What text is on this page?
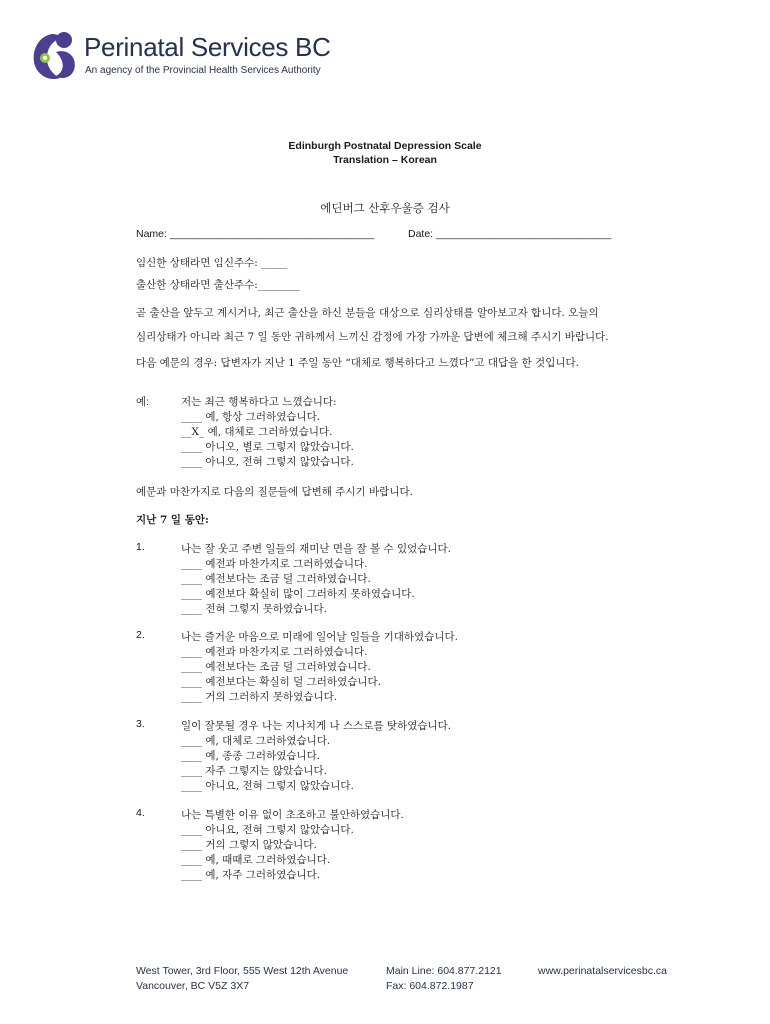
Perinatal Services BC
An agency of the Provincial Health Services Authority
Edinburgh Postnatal Depression Scale
Translation – Korean
에딘버그 산후우울증 검사
Name: ___________________________________	Date: ______________________________
임신한 상태라면 임신주수: _____
출산한 상태라면 출산주수:________
곧 출산을 앞두고 계시거나, 최근 출산을 하신 분들을 대상으로 심리상태를 알아보고자 합니다. 오늘의
심리상태가 아니라 최근 7 일 동안 귀하께서 느끼신 감정에 가장 가까운 답변에 체크해 주시기 바랍니다.
다음 예문의 경우: 답변자가 지난 1 주일 동안 “대체로 행복하다고 느꼈다”고 대답을 한 것입니다.
예:	저는 최근 행복하다고 느꼈습니다:
____ 예, 항상 그러하였습니다.
__X_ 예, 대체로 그러하였습니다.
____ 아니오, 별로 그렇지 않았습니다.
____ 아니오, 전혀 그렇지 않았습니다.
예문과 마찬가지로 다음의 질문들에 답변해 주시기 바랍니다.
지난 7 일 동안:
1.	나는 잘 웃고 주변 일들의 재미난 면을 잘 볼 수 있었습니다.
____ 예전과 마찬가지로 그러하였습니다.
____ 예전보다는 조금 덜 그러하였습니다.
____ 예전보다 확실히 많이 그러하지 못하였습니다.
____ 전혀 그렇지 못하였습니다.
2.	나는 즐거운 마음으로 미래에 일어날 일들을 기대하였습니다.
____ 예전과 마찬가지로 그러하였습니다.
____ 예전보다는 조금 덜 그러하였습니다.
____ 예전보다는 확실히 덜 그러하였습니다.
____ 거의 그러하지 못하였습니다.
3.	일이 잘못될 경우 나는 지나치게 나 스스로를 탓하였습니다.
____ 예, 대체로 그러하였습니다.
____ 예, 종종 그러하였습니다.
____ 자주 그렇지는 않았습니다.
____ 아니요, 전혀 그렇지 않았습니다.
4.	나는 특별한 이유 없이 초조하고 불안하였습니다.
____ 아니요, 전혀 그렇지 않았습니다.
____ 거의 그렇지 않았습니다.
____ 예, 때때로 그러하였습니다.
____ 예, 자주 그러하였습니다.
West Tower, 3rd Floor, 555 West 12th Avenue
Vancouver, BC V5Z 3X7
Main Line: 604.877.2121
Fax: 604.872.1987
www.perinatalservicesbc.ca
